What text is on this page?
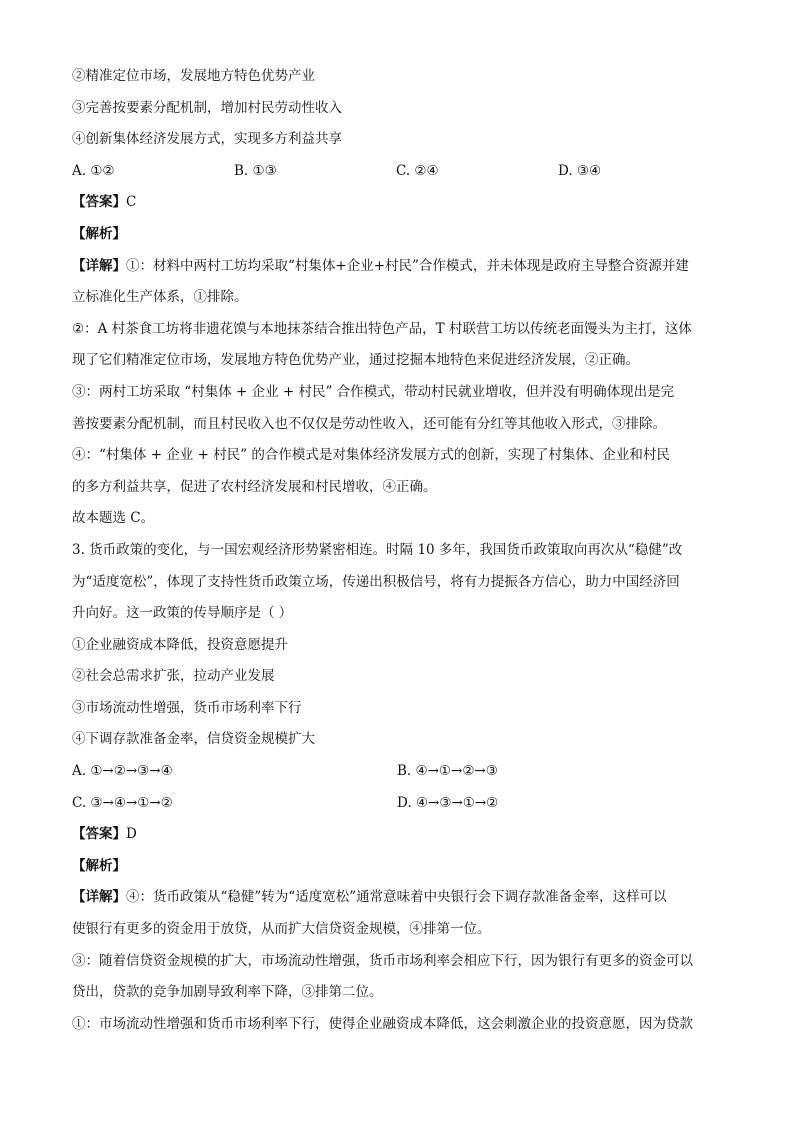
②精准定位市场，发展地方特色优势产业
③完善按要素分配机制，增加村民劳动性收入
④创新集体经济发展方式，实现多方利益共享
A. ①②	B. ①③	C. ②④	D. ③④
【答案】C
【解析】
【详解】①：材料中两村工坊均采取“村集体+企业+村民”合作模式，并未体现是政府主导整合资源并建
立标准化生产体系，①排除。
②：A 村茶食工坊将非遗花馍与本地抹茶结合推出特色产品，T 村联营工坊以传统老面馒头为主打，这体
现了它们精准定位市场，发展地方特色优势产业，通过挖掘本地特色来促进经济发展，②正确。
③：两村工坊采取 “村集体 + 企业 + 村民” 合作模式，带动村民就业增收，但并没有明确体现出是完
善按要素分配机制，而且村民收入也不仅仅是劳动性收入，还可能有分红等其他收入形式，③排除。
④：“村集体 + 企业 + 村民” 的合作模式是对集体经济发展方式的创新，实现了村集体、企业和村民
的多方利益共享，促进了农村经济发展和村民增收，④正确。
故本题选 C。
3. 货币政策的变化，与一国宏观经济形势紧密相连。时隔 10 多年，我国货币政策取向再次从“稳健”改
为“适度宽松”，体现了支持性货币政策立场，传递出积极信号，将有力提振各方信心，助力中国经济回
升向好。这一政策的传导顺序是（ ）
①企业融资成本降低，投资意愿提升
②社会总需求扩张，拉动产业发展
③市场流动性增强，货币市场利率下行
④下调存款准备金率，信贷资金规模扩大
A. ①→②→③→④	B. ④→①→②→③
C. ③→④→①→②	D. ④→③→①→②
【答案】D
【解析】
【详解】④：货币政策从“稳健”转为“适度宽松”通常意味着中央银行会下调存款准备金率，这样可以
使银行有更多的资金用于放贷，从而扩大信贷资金规模，④排第一位。
③：随着信贷资金规模的扩大，市场流动性增强，货币市场利率会相应下行，因为银行有更多的资金可以
贷出，贷款的竞争加剧导致利率下降，③排第二位。
①：市场流动性增强和货币市场利率下行，使得企业融资成本降低，这会刺激企业的投资意愿，因为贷款
